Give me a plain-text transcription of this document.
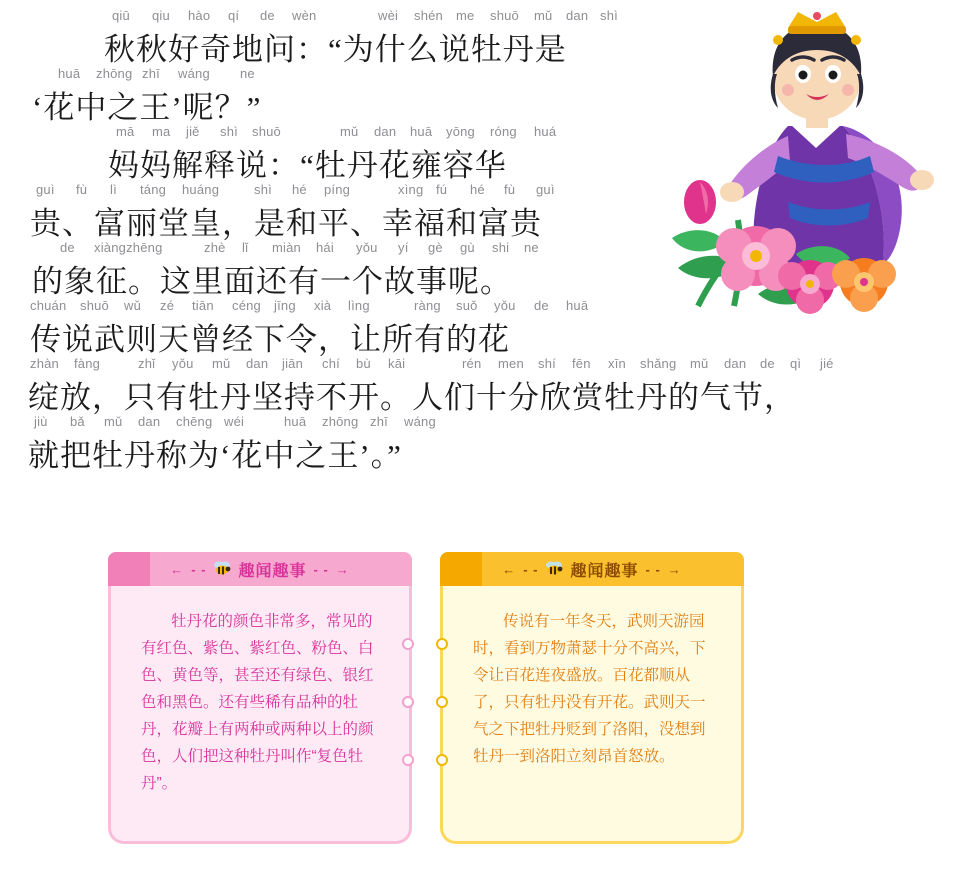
qiū qiu hào qí de wèn	wèi shén me shuō mǔ dan shì
秋秋好奇地问：“为什么说牡丹是
huā zhōng zhī wáng ne
‘花中之王’呢？”
mā ma jiě shì shuō	mǔ dan huā yōng róng huá
妈妈解释说：“牡丹花雍容华
guì fù lì táng huáng	shì hé píng	xìng fú hé fù guì
贵、富丽堂皇，是和平、幸福和富贵
de xiàngzhēng	zhè lǐ miàn hái yǒu yí gè gù shi ne
的象征。这里面还有一个故事呢。
chuán shuō wǔ zé tiān céng jīng xià lìng	ràng suǒ yǒu de huā
传说武则天曾经下令，让所有的花
zhàn fàng	zhǐ yǒu mǔ dan jiān chí bù kāi	rén men shí fēn xīn shǎng mǔ dan de qì jié
绽放，只有牡丹坚持不开。人们十分欣赏牡丹的气节，
jiù bǎ mǔ dan chēng wéi	huā zhōng zhī wáng
就把牡丹称为‘花中之王’。”
← - - 趣闻趣事 - - →
牡丹花的颜色非常多，常见的有红色、紫色、紫红色、粉色、白色、黄色等，甚至还有绿色、银红色和黑色。还有些稀有品种的牡丹，花瓣上有两种或两种以上的颜色，人们把这种牡丹叫作“复色牡丹”。
← - - 趣闻趣事 - - →
传说有一年冬天，武则天游园时，看到万物萧瑟十分不高兴，下令让百花连夜盛放。百花都顺从了，只有牡丹没有开花。武则天一气之下把牡丹贬到了洛阳，没想到牡丹一到洛阳立刻昂首怒放。
